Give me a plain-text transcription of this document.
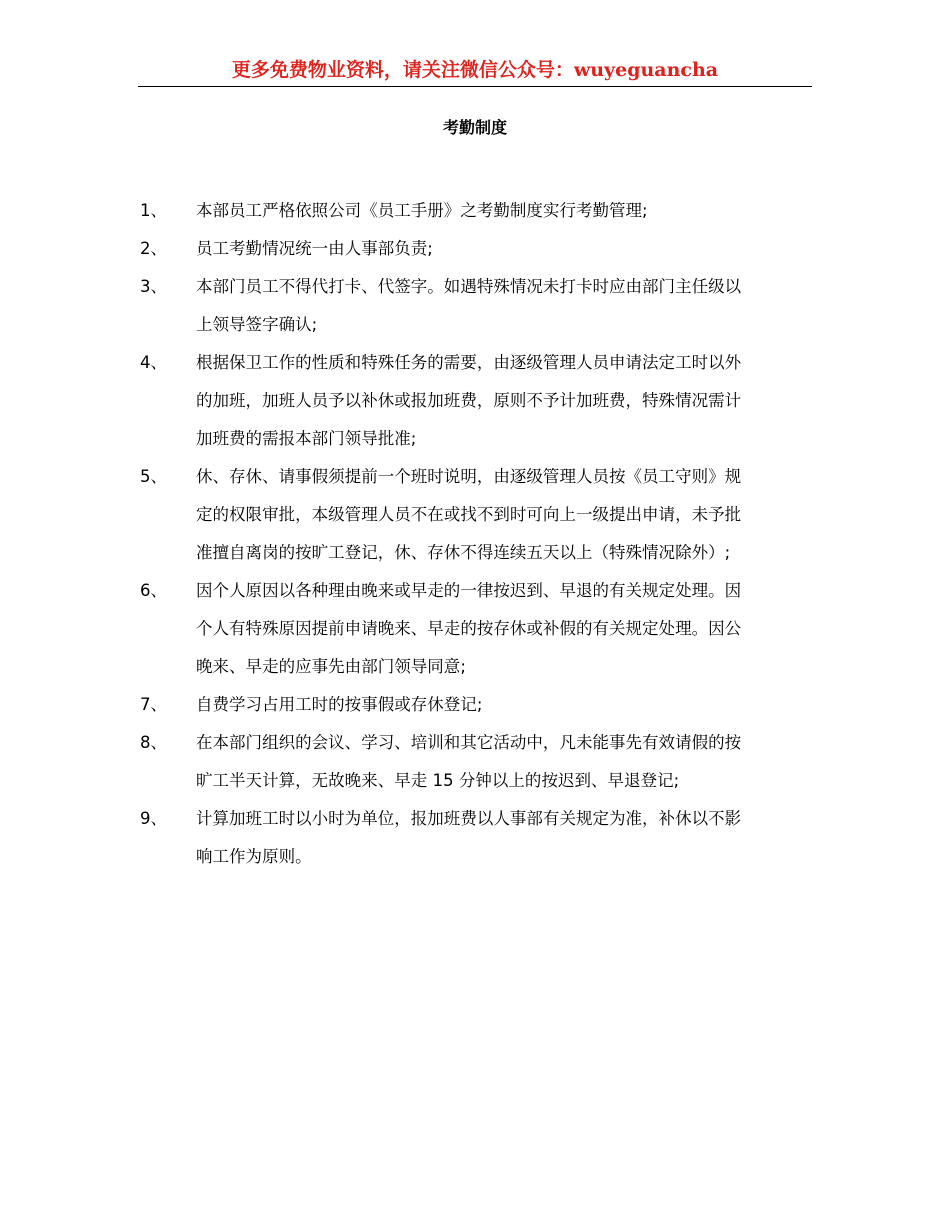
更多免费物业资料，请关注微信公众号：wuyeguancha
考勤制度
1、	本部员工严格依照公司《员工手册》之考勤制度实行考勤管理;
2、	员工考勤情况统一由人事部负责;
3、	本部门员工不得代打卡、代签字。如遇特殊情况未打卡时应由部门主任级以
上领导签字确认;
4、	根据保卫工作的性质和特殊任务的需要，由逐级管理人员申请法定工时以外
的加班，加班人员予以补休或报加班费，原则不予计加班费，特殊情况需计
加班费的需报本部门领导批准;
5、	休、存休、请事假须提前一个班时说明，由逐级管理人员按《员工守则》规
定的权限审批，本级管理人员不在或找不到时可向上一级提出申请，未予批
准擅自离岗的按旷工登记，休、存休不得连续五天以上（特殊情况除外）;
6、	因个人原因以各种理由晚来或早走的一律按迟到、早退的有关规定处理。因
个人有特殊原因提前申请晚来、早走的按存休或补假的有关规定处理。因公
晚来、早走的应事先由部门领导同意;
7、	自费学习占用工时的按事假或存休登记;
8、	在本部门组织的会议、学习、培训和其它活动中，凡未能事先有效请假的按
旷工半天计算，无故晚来、早走 15 分钟以上的按迟到、早退登记;
9、	计算加班工时以小时为单位，报加班费以人事部有关规定为准，补休以不影
响工作为原则。
